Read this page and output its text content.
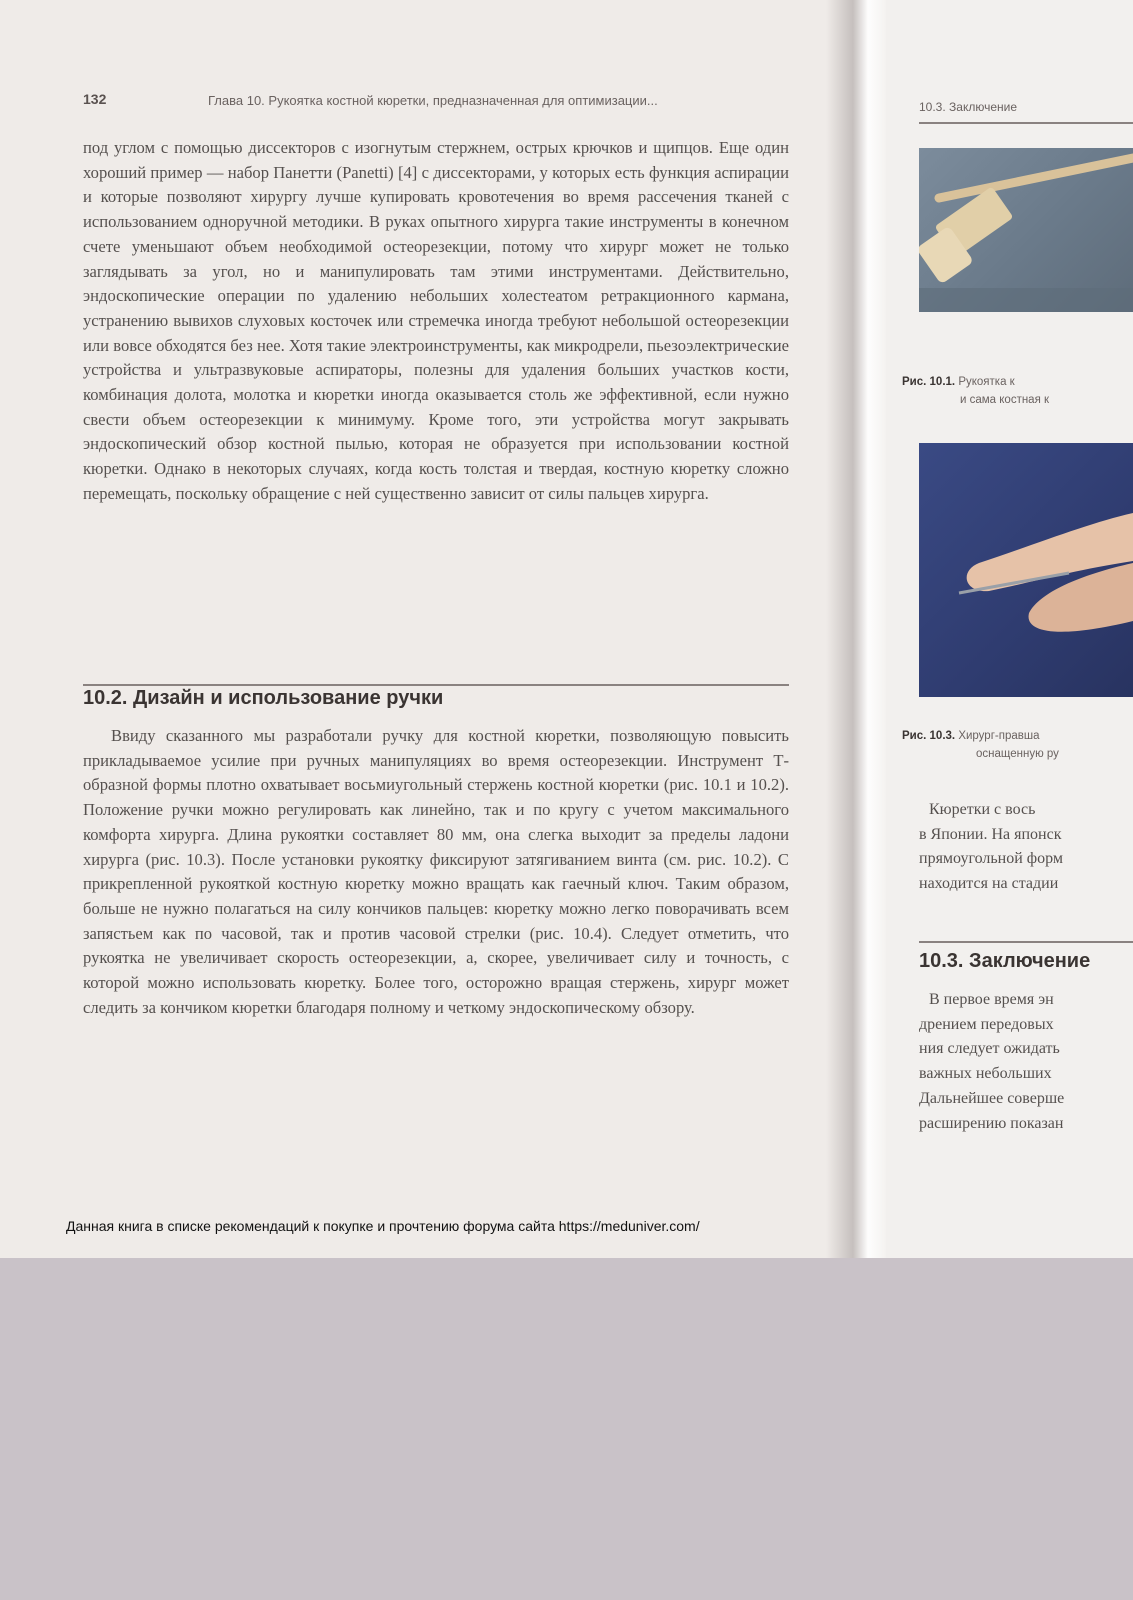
132	Глава 10. Рукоятка костной кюретки, предназначенная для оптимизации...

под углом с помощью диссекторов с изогнутым стержнем, острых крючков и щипцов. Еще один хороший пример — набор Панетти (Panetti) [4] с диссекторами, у которых есть функция аспирации и которые позволяют хирургу лучше купировать кровотечения во время рассечения тканей с использованием одноручной методики. В руках опытного хирурга такие инструменты в конечном счете уменьшают объем необходимой остеорезекции, потому что хирург может не только заглядывать за угол, но и манипулировать там этими инструментами. Действительно, эндоскопические операции по удалению небольших холестеатом ретракционного кармана, устранению вывихов слуховых косточек или стремечка иногда требуют небольшой остеорезекции или вовсе обходятся без нее. Хотя такие электроинструменты, как микродрели, пьезоэлектрические устройства и ультразвуковые аспираторы, полезны для удаления больших участков кости, комбинация долота, молотка и кюретки иногда оказывается столь же эффективной, если нужно свести объем остеорезекции к минимуму. Кроме того, эти устройства могут закрывать эндоскопический обзор костной пылью, которая не образуется при использовании костной кюретки. Однако в некоторых случаях, когда кость толстая и твердая, костную кюретку сложно перемещать, поскольку обращение с ней существенно зависит от силы пальцев хирурга.

10.2. Дизайн и использование ручки

Ввиду сказанного мы разработали ручку для костной кюретки, позволяющую повысить прикладываемое усилие при ручных манипуляциях во время остеорезекции. Инструмент Т-образной формы плотно охватывает восьмиугольный стержень костной кюретки (рис. 10.1 и 10.2). Положение ручки можно регулировать как линейно, так и по кругу с учетом максимального комфорта хирурга. Длина рукоятки составляет 80 мм, она слегка выходит за пределы ладони хирурга (рис. 10.3). После установки рукоятку фиксируют затягиванием винта (см. рис. 10.2). С прикрепленной рукояткой костную кюретку можно вращать как гаечный ключ. Таким образом, больше не нужно полагаться на силу кончиков пальцев: кюретку можно легко поворачивать всем запястьем как по часовой, так и против часовой стрелки (рис. 10.4). Следует отметить, что рукоятка не увеличивает скорость остеорезекции, а, скорее, увеличивает силу и точность, с которой можно использовать кюретку. Более того, осторожно вращая стержень, хирург может следить за кончиком кюретки благодаря полному и четкому эндоскопическому обзору.

Данная книга в списке рекомендаций к покупке и прочтению форума сайта https://meduniver.com/
10.3. Заключение
Рис. 10.1. Рукоятка к
и сама костная к
Рис. 10.3. Хирург-правша
оснащенную ру
Кюретки с вось
в Японии. На японск
прямоугольной форм
находится на стадии
10.3. Заключение
В первое время эн
дрением передовых
ния следует ожидать
важных небольших
Дальнейшее соверше
расширению показан
